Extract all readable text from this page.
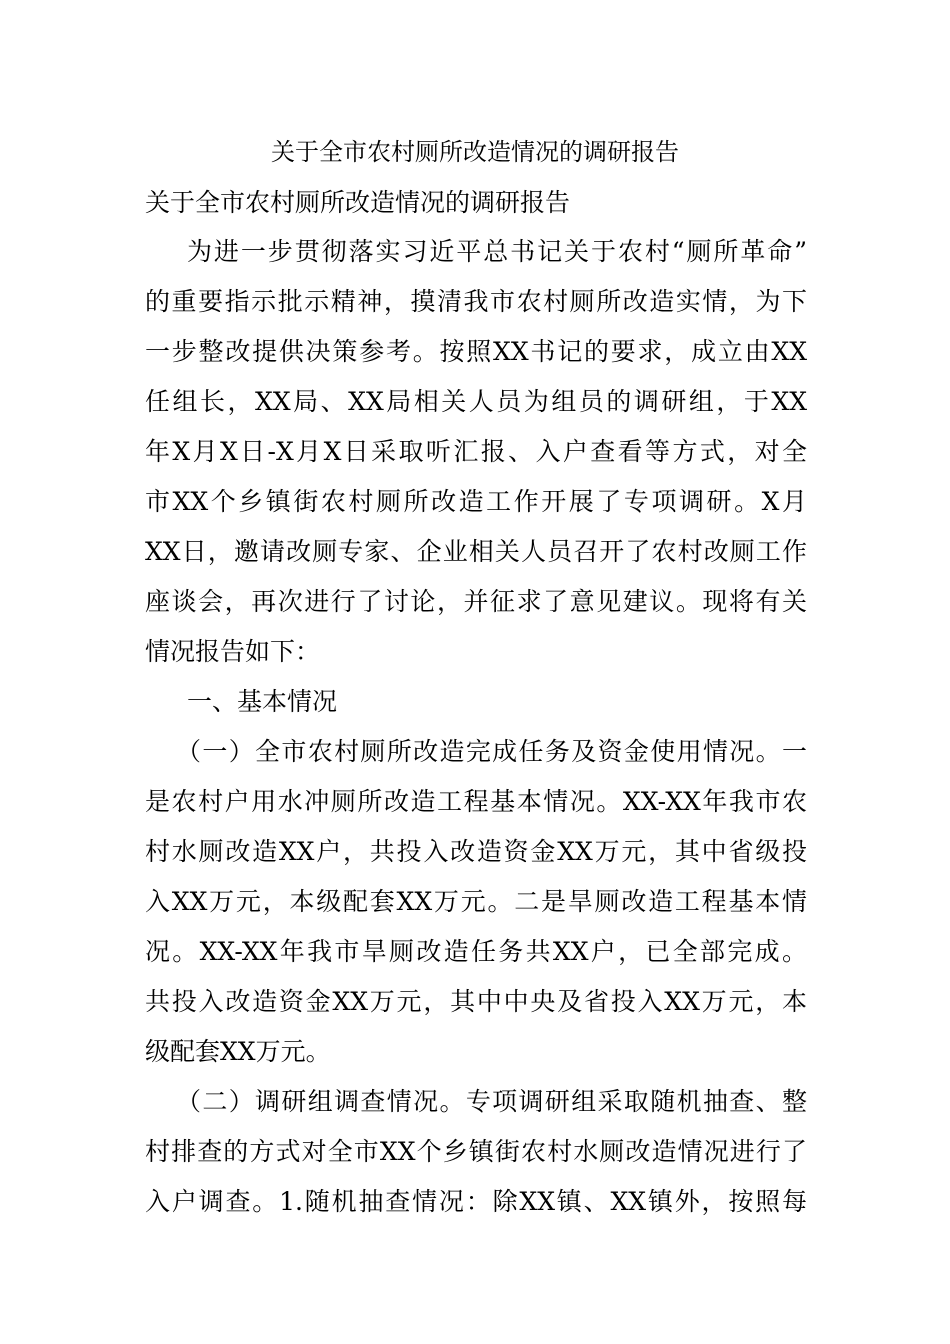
关于全市农村厕所改造情况的调研报告
关于全市农村厕所改造情况的调研报告
为进一步贯彻落实习近平总书记关于农村“厕所革命”
的重要指示批示精神，摸清我市农村厕所改造实情，为下
一步整改提供决策参考。按照XX书记的要求，成立由XX
任组长，XX局、XX局相关人员为组员的调研组，于XX
年X月X日-X月X日采取听汇报、入户查看等方式，对全
市XX个乡镇街农村厕所改造工作开展了专项调研。X月
XX日，邀请改厕专家、企业相关人员召开了农村改厕工作
座谈会，再次进行了讨论，并征求了意见建议。现将有关
情况报告如下：
一、基本情况
（一）全市农村厕所改造完成任务及资金使用情况。一
是农村户用水冲厕所改造工程基本情况。XX-XX年我市农
村水厕改造XX户，共投入改造资金XX万元，其中省级投
入XX万元，本级配套XX万元。二是旱厕改造工程基本情
况。XX-XX年我市旱厕改造任务共XX户，已全部完成。
共投入改造资金XX万元，其中中央及省投入XX万元，本
级配套XX万元。
（二）调研组调查情况。专项调研组采取随机抽查、整
村排查的方式对全市XX个乡镇街农村水厕改造情况进行了
入户调查。1.随机抽查情况：除XX镇、XX镇外，按照每
